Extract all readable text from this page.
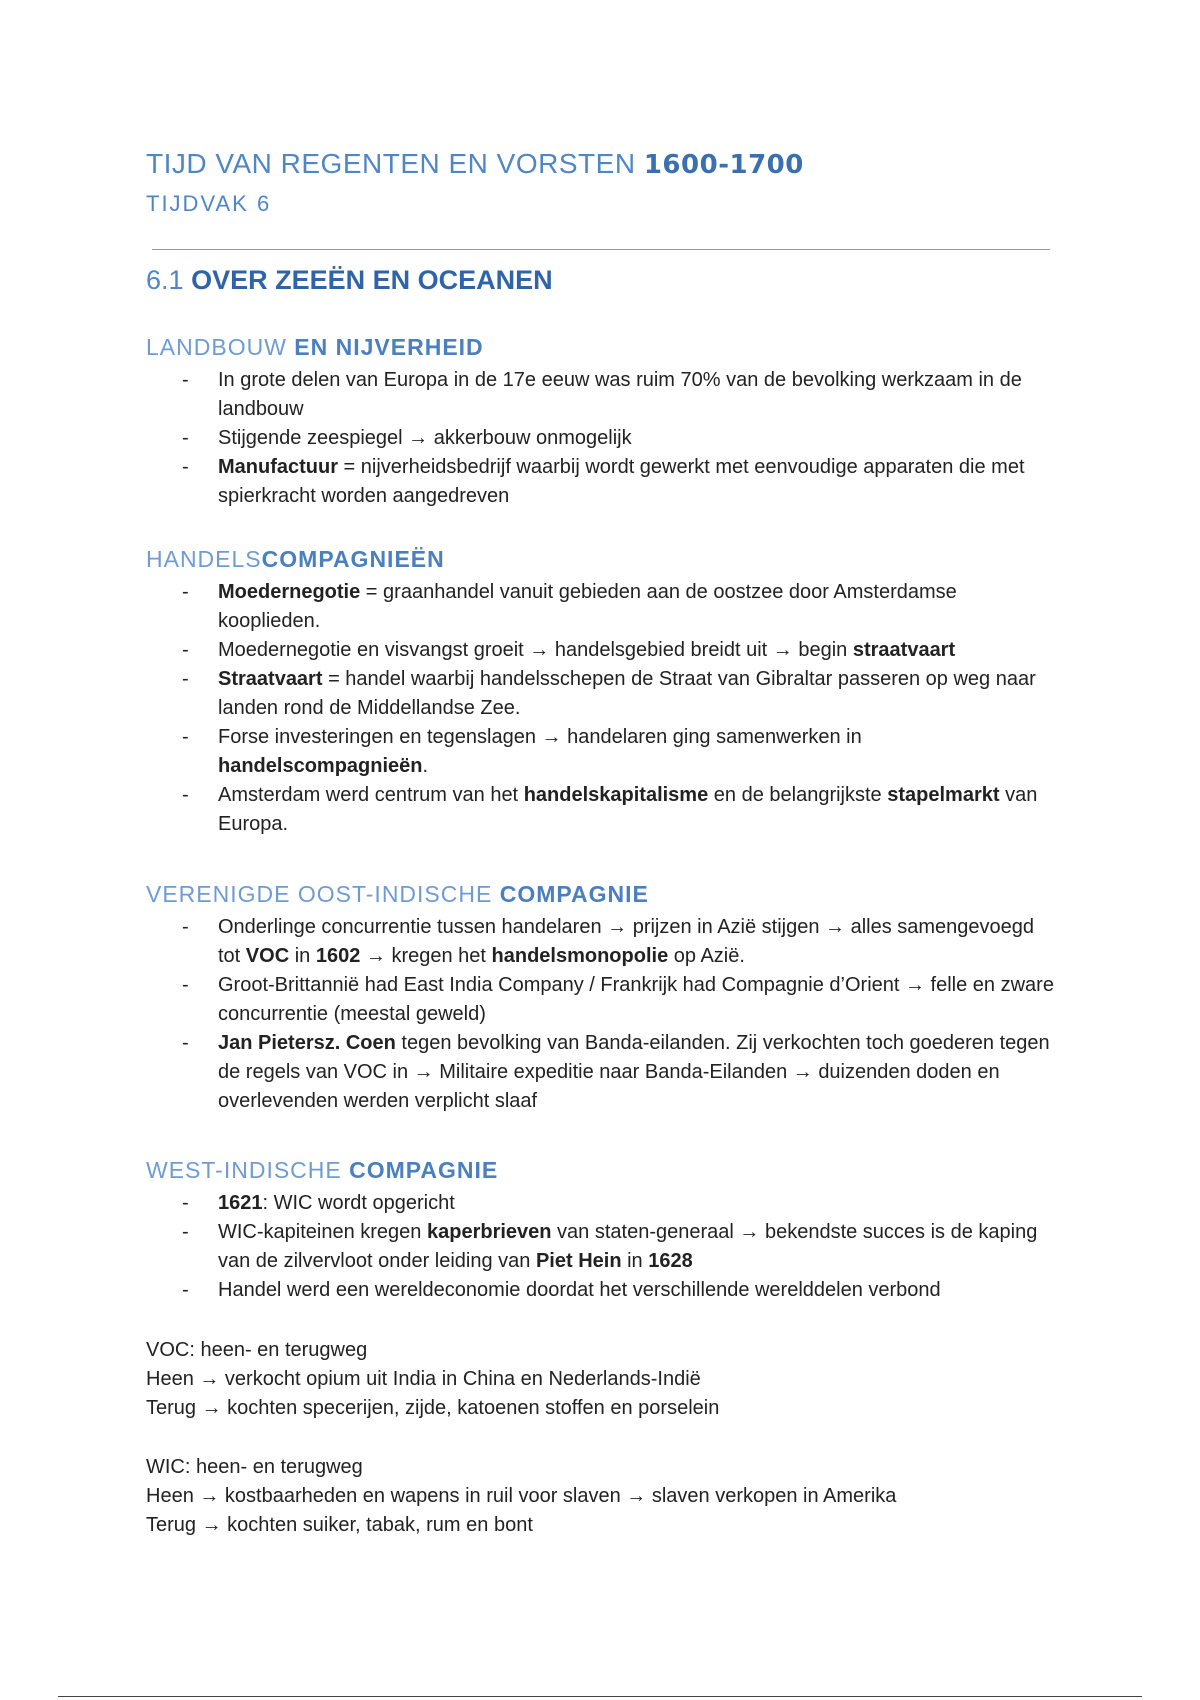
TIJD VAN REGENTEN EN VORSTEN 1600-1700
TIJDVAK 6
6.1 OVER ZEEËN EN OCEANEN
LANDBOUW EN NIJVERHEID
- In grote delen van Europa in de 17e eeuw was ruim 70% van de bevolking werkzaam in de landbouw
- Stijgende zeespiegel → akkerbouw onmogelijk
- Manufactuur = nijverheidsbedrijf waarbij wordt gewerkt met eenvoudige apparaten die met spierkracht worden aangedreven
HANDELSCOMPAGNIEËN
- Moedernegotie = graanhandel vanuit gebieden aan de oostzee door Amsterdamse kooplieden.
- Moedernegotie en visvangst groeit → handelsgebied breidt uit → begin straatvaart
- Straatvaart = handel waarbij handelsschepen de Straat van Gibraltar passeren op weg naar landen rond de Middellandse Zee.
- Forse investeringen en tegenslagen → handelaren ging samenwerken in handelscompagnieën.
- Amsterdam werd centrum van het handelskapitalisme en de belangrijkste stapelmarkt van Europa.
VERENIGDE OOST-INDISCHE COMPAGNIE
- Onderlinge concurrentie tussen handelaren → prijzen in Azië stijgen → alles samengevoegd tot VOC in 1602 → kregen het handelsmonopolie op Azië.
- Groot-Brittannië had East India Company / Frankrijk had Compagnie d’Orient → felle en zware concurrentie (meestal geweld)
- Jan Pietersz. Coen tegen bevolking van Banda-eilanden. Zij verkochten toch goederen tegen de regels van VOC in → Militaire expeditie naar Banda-Eilanden → duizenden doden en overlevenden werden verplicht slaaf
WEST-INDISCHE COMPAGNIE
- 1621: WIC wordt opgericht
- WIC-kapiteinen kregen kaperbrieven van staten-generaal → bekendste succes is de kaping van de zilvervloot onder leiding van Piet Hein in 1628
- Handel werd een wereldeconomie doordat het verschillende werelddelen verbond
VOC: heen- en terugweg
Heen → verkocht opium uit India in China en Nederlands-Indië
Terug → kochten specerijen, zijde, katoenen stoffen en porselein
WIC: heen- en terugweg
Heen → kostbaarheden en wapens in ruil voor slaven → slaven verkopen in Amerika
Terug → kochten suiker, tabak, rum en bont
